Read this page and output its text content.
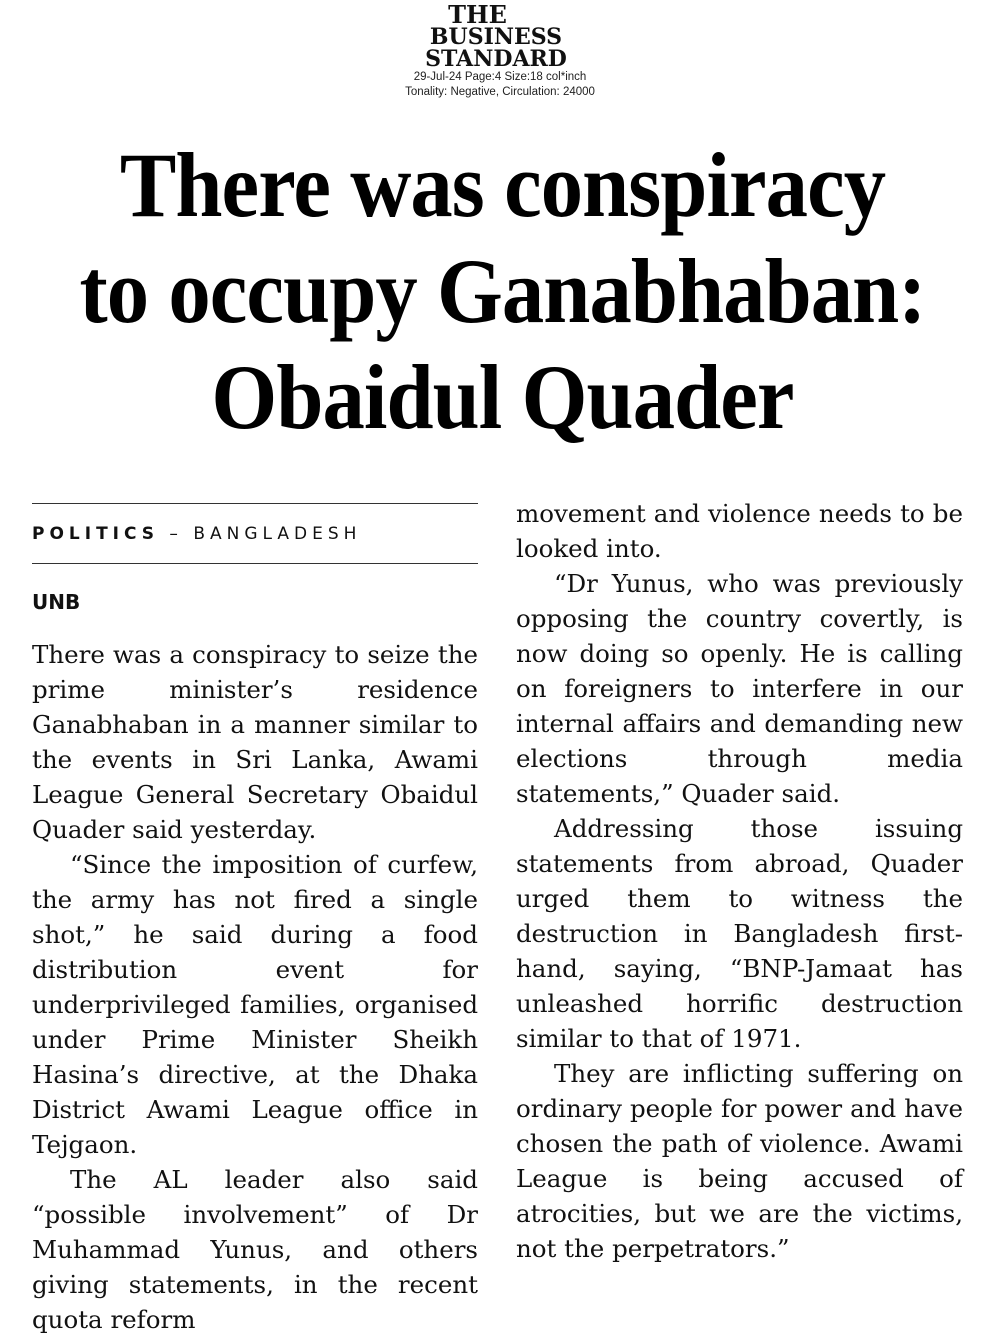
THE
BUSINESS
STANDARD
29-Jul-24 Page:4 Size:18 col*inch
Tonality: Negative, Circulation: 24000
There was conspiracy
to occupy Ganabhaban:
Obaidul Quader
POLITICS – BANGLADESH
UNB

There was a conspiracy to seize the prime minister’s residence Ganabhaban in a manner similar to the events in Sri Lanka, Awami League General Secretary Obaidul Quader said yesterday.

“Since the imposition of curfew, the army has not fired a single shot,” he said during a food distribution event for underprivileged families, organised under Prime Minister Sheikh Hasina’s directive, at the Dhaka District Awami League office in Tejgaon.

The AL leader also said “possible involvement” of Dr Muhammad Yunus, and others giving statements, in the recent quota reform

movement and violence needs to be looked into.

“Dr Yunus, who was previously opposing the country covertly, is now doing so openly. He is calling on foreigners to interfere in our internal affairs and demanding new elections through media statements,” Quader said.

Addressing those issuing statements from abroad, Quader urged them to witness the destruction in Bangladesh first-hand, saying, “BNP-Jamaat has unleashed horrific destruction similar to that of 1971.

They are inflicting suffering on ordinary people for power and have chosen the path of violence. Awami League is being accused of atrocities, but we are the victims, not the perpetrators.”
